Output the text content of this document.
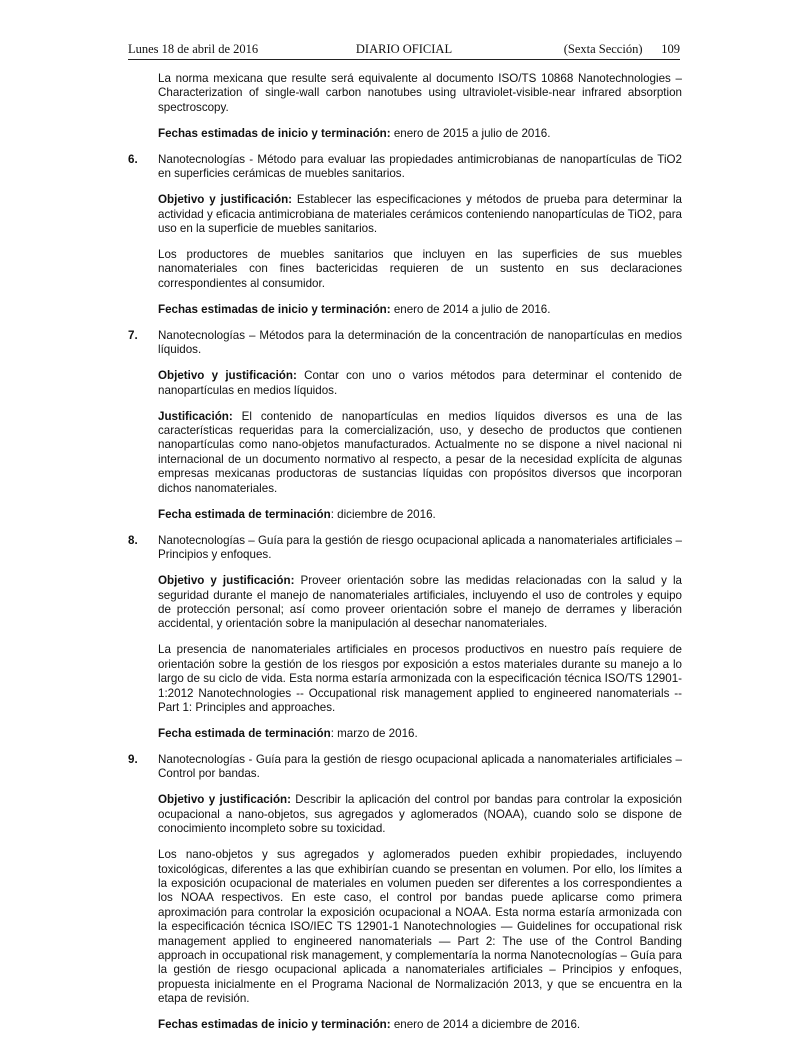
Lunes 18 de abril de 2016	DIARIO OFICIAL	(Sexta Sección) 109

La norma mexicana que resulte será equivalente al documento ISO/TS 10868 Nanotechnologies – Characterization of single-wall carbon nanotubes using ultraviolet-visible-near infrared absorption spectroscopy.

Fechas estimadas de inicio y terminación: enero de 2015 a julio de 2016.

6. Nanotecnologías - Método para evaluar las propiedades antimicrobianas de nanopartículas de TiO2 en superficies cerámicas de muebles sanitarios.

Objetivo y justificación: Establecer las especificaciones y métodos de prueba para determinar la actividad y eficacia antimicrobiana de materiales cerámicos conteniendo nanopartículas de TiO2, para uso en la superficie de muebles sanitarios.

Los productores de muebles sanitarios que incluyen en las superficies de sus muebles nanomateriales con fines bactericidas requieren de un sustento en sus declaraciones correspondientes al consumidor.

Fechas estimadas de inicio y terminación: enero de 2014 a julio de 2016.

7. Nanotecnologías – Métodos para la determinación de la concentración de nanopartículas en medios líquidos.

Objetivo y justificación: Contar con uno o varios métodos para determinar el contenido de nanopartículas en medios líquidos.

Justificación: El contenido de nanopartículas en medios líquidos diversos es una de las características requeridas para la comercialización, uso, y desecho de productos que contienen nanopartículas como nano-objetos manufacturados. Actualmente no se dispone a nivel nacional ni internacional de un documento normativo al respecto, a pesar de la necesidad explícita de algunas empresas mexicanas productoras de sustancias líquidas con propósitos diversos que incorporan dichos nanomateriales.

Fecha estimada de terminación: diciembre de 2016.

8. Nanotecnologías – Guía para la gestión de riesgo ocupacional aplicada a nanomateriales artificiales – Principios y enfoques.

Objetivo y justificación: Proveer orientación sobre las medidas relacionadas con la salud y la seguridad durante el manejo de nanomateriales artificiales, incluyendo el uso de controles y equipo de protección personal; así como proveer orientación sobre el manejo de derrames y liberación accidental, y orientación sobre la manipulación al desechar nanomateriales.

La presencia de nanomateriales artificiales en procesos productivos en nuestro país requiere de orientación sobre la gestión de los riesgos por exposición a estos materiales durante su manejo a lo largo de su ciclo de vida. Esta norma estaría armonizada con la especificación técnica ISO/TS 12901-1:2012 Nanotechnologies -- Occupational risk management applied to engineered nanomaterials -- Part 1: Principles and approaches.

Fecha estimada de terminación: marzo de 2016.

9. Nanotecnologías - Guía para la gestión de riesgo ocupacional aplicada a nanomateriales artificiales – Control por bandas.

Objetivo y justificación: Describir la aplicación del control por bandas para controlar la exposición ocupacional a nano-objetos, sus agregados y aglomerados (NOAA), cuando solo se dispone de conocimiento incompleto sobre su toxicidad.

Los nano-objetos y sus agregados y aglomerados pueden exhibir propiedades, incluyendo toxicológicas, diferentes a las que exhibirían cuando se presentan en volumen. Por ello, los límites a la exposición ocupacional de materiales en volumen pueden ser diferentes a los correspondientes a los NOAA respectivos. En este caso, el control por bandas puede aplicarse como primera aproximación para controlar la exposición ocupacional a NOAA. Esta norma estaría armonizada con la especificación técnica ISO/IEC TS 12901-1 Nanotechnologies — Guidelines for occupational risk management applied to engineered nanomaterials — Part 2: The use of the Control Banding approach in occupational risk management, y complementaría la norma Nanotecnologías – Guía para la gestión de riesgo ocupacional aplicada a nanomateriales artificiales – Principios y enfoques, propuesta inicialmente en el Programa Nacional de Normalización 2013, y que se encuentra en la etapa de revisión.

Fechas estimadas de inicio y terminación: enero de 2014 a diciembre de 2016.
